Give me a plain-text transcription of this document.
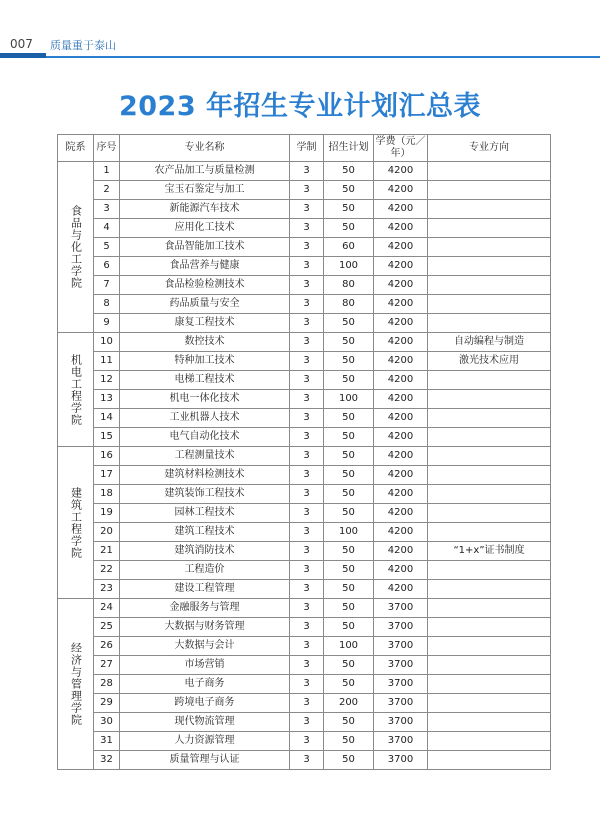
007 质量重于泰山
2023 年招生专业计划汇总表
院系	序号	专业名称	学制	招生计划	学费（元／年）	专业方向
食品与化工学院	1	农产品加工与质量检测	3	50	4200	
	2	宝玉石鉴定与加工	3	50	4200	
	3	新能源汽车技术	3	50	4200	
	4	应用化工技术	3	50	4200	
	5	食品智能加工技术	3	60	4200	
	6	食品营养与健康	3	100	4200	
	7	食品检验检测技术	3	80	4200	
	8	药品质量与安全	3	80	4200	
	9	康复工程技术	3	50	4200	
机电工程学院	10	数控技术	3	50	4200	自动编程与制造
	11	特种加工技术	3	50	4200	激光技术应用
	12	电梯工程技术	3	50	4200	
	13	机电一体化技术	3	100	4200	
	14	工业机器人技术	3	50	4200	
	15	电气自动化技术	3	50	4200	
建筑工程学院	16	工程测量技术	3	50	4200	
	17	建筑材料检测技术	3	50	4200	
	18	建筑装饰工程技术	3	50	4200	
	19	园林工程技术	3	50	4200	
	20	建筑工程技术	3	100	4200	
	21	建筑消防技术	3	50	4200	“1+x”证书制度
	22	工程造价	3	50	4200	
	23	建设工程管理	3	50	4200	
经济与管理学院	24	金融服务与管理	3	50	3700	
	25	大数据与财务管理	3	50	3700	
	26	大数据与会计	3	100	3700	
	27	市场营销	3	50	3700	
	28	电子商务	3	50	3700	
	29	跨境电子商务	3	200	3700	
	30	现代物流管理	3	50	3700	
	31	人力资源管理	3	50	3700	
	32	质量管理与认证	3	50	3700	
